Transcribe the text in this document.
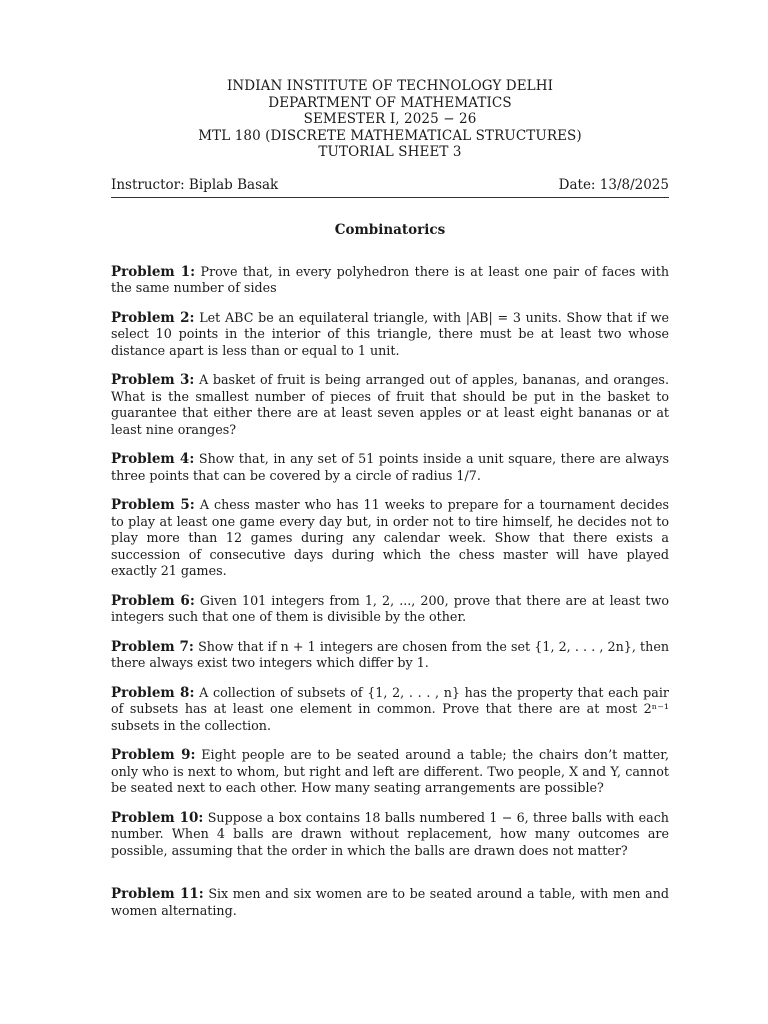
INDIAN INSTITUTE OF TECHNOLOGY DELHI
DEPARTMENT OF MATHEMATICS
SEMESTER I, 2025 − 26
MTL 180 (DISCRETE MATHEMATICAL STRUCTURES)
TUTORIAL SHEET 3
Instructor: Biplab Basak	Date: 13/8/2025
Combinatorics
Problem 1: Prove that, in every polyhedron there is at least one pair of faces with the same number of sides
Problem 2: Let ABC be an equilateral triangle, with |AB| = 3 units. Show that if we select 10 points in the interior of this triangle, there must be at least two whose distance apart is less than or equal to 1 unit.
Problem 3: A basket of fruit is being arranged out of apples, bananas, and oranges. What is the smallest number of pieces of fruit that should be put in the basket to guarantee that either there are at least seven apples or at least eight bananas or at least nine oranges?
Problem 4: Show that, in any set of 51 points inside a unit square, there are always three points that can be covered by a circle of radius 1/7.
Problem 5: A chess master who has 11 weeks to prepare for a tournament decides to play at least one game every day but, in order not to tire himself, he decides not to play more than 12 games during any calendar week. Show that there exists a succession of consecutive days during which the chess master will have played exactly 21 games.
Problem 6: Given 101 integers from 1, 2, ..., 200, prove that there are at least two integers such that one of them is divisible by the other.
Problem 7: Show that if n + 1 integers are chosen from the set {1, 2, . . . , 2n}, then there always exist two integers which differ by 1.
Problem 8: A collection of subsets of {1, 2, . . . , n} has the property that each pair of subsets has at least one element in common. Prove that there are at most 2ⁿ⁻¹ subsets in the collection.
Problem 9: Eight people are to be seated around a table; the chairs don’t matter, only who is next to whom, but right and left are different. Two people, X and Y, cannot be seated next to each other. How many seating arrangements are possible?
Problem 10: Suppose a box contains 18 balls numbered 1 − 6, three balls with each number. When 4 balls are drawn without replacement, how many outcomes are possible, assuming that the order in which the balls are drawn does not matter?
Problem 11: Six men and six women are to be seated around a table, with men and women alternating.
